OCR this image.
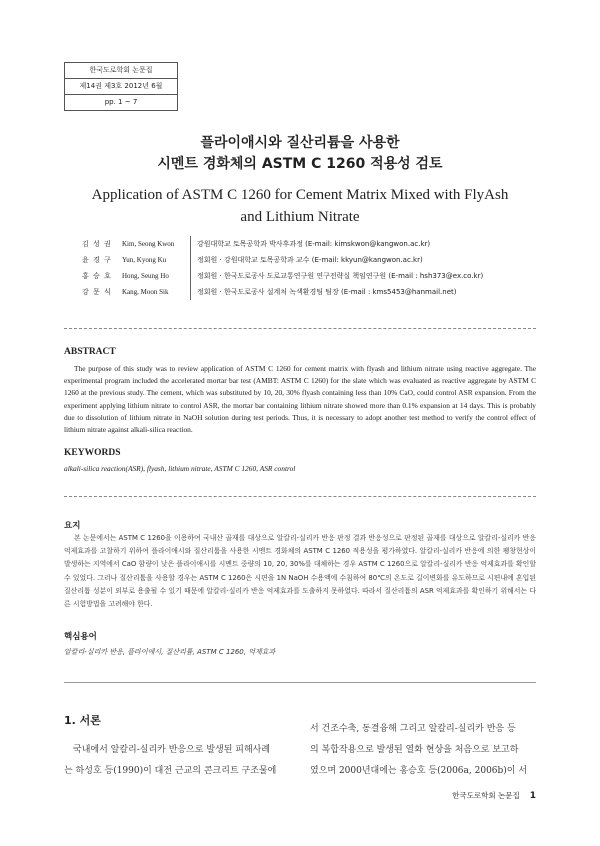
한국도로학회 논문집
제14권 제3호 2012년 6월
pp. 1 ~ 7
플라이애시와 질산리튬을 사용한
시멘트 경화체의 ASTM C 1260 적용성 검토
Application of ASTM C 1260 for Cement Matrix Mixed with FlyAsh
and Lithium Nitrate
김 성 권	Kim, Seong Kwon	강원대학교 토목공학과 박사후과정 (E-mail: kimskwon@kangwon.ac.kr)
윤 경 구	Yun, Kyong Ku	정회원 · 강원대학교 토목공학과 교수 (E-mail: kkyun@kangwon.ac.kr)
홍 승 호	Hong, Seung Ho	정회원 · 한국도로공사 도로교통연구원 연구전략실 책임연구원 (E-mail : hsh373@ex.co.kr)
강 문 식	Kang, Moon Sik	정회원 · 한국도로공사 설계처 녹색환경팀 팀장 (E-mail : kms5453@hanmail.net)
ABSTRACT
The purpose of this study was to review application of ASTM C 1260 for cement matrix with flyash and lithium nitrate using reactive aggregate. The experimental program included the accelerated mortar bar test (AMBT: ASTM C 1260) for the slate which was evaluated as reactive aggregate by ASTM C 1260 at the previous study. The cement, which was substituted by 10, 20, 30% flyash containing less than 10% CaO, could control ASR expansion. From the experiment applying lithium nitrate to control ASR, the mortar bar containing lithium nitrate showed more than 0.1% expansion at 14 days. This is probably due to dissolution of lithium nitrate in NaOH solution during test periods. Thus, it is necessary to adopt another test method to verify the control effect of lithium nitrate against alkali-silica reaction.
KEYWORDS
alkali-silica reaction(ASR), flyash, lithium nitrate, ASTM C 1260, ASR control
요지
본 논문에서는 ASTM C 1260을 이용하여 국내산 골재를 대상으로 알칼리-실리카 반응 판정 결과 반응성으로 판정된 골재를 대상으로 알칼리-실리카 반응 억제효과를 고찰하기 위하여 플라이애시와 질산리튬을 사용한 시멘트 경화체의 ASTM C 1260 적용성을 평가하였다. 알칼리-실리카 반응에 의한 팽창현상이 발생하는 지역에서 CaO 함량이 낮은 플라이애시를 시멘트 중량의 10, 20, 30%를 대체하는 경우 ASTM C 1260으로 알칼리-실리카 반응 억제효과를 확인할 수 있었다. 그러나 질산리튬을 사용할 경우는 ASTM C 1260은 시편을 1N NaOH 수용액에 수침하여 80℃의 온도로 길이변화를 유도하므로 시편내에 혼입된 질산리튬 성분이 외부로 용출될 수 있기 때문에 알칼리-실리카 반응 억제효과를 도출하지 못하였다. 따라서 질산리튬의 ASR 억제효과를 확인하기 위해서는 다른 시험방법을 고려해야 한다.
핵심용어
알칼리-실리카 반응, 플라이애시, 질산리튬, ASTM C 1260, 억제효과
1. 서론
국내에서 알칼리-실리카 반응으로 발생된 피해사례
는 하성호 등(1990)이 대전 근교의 콘크리트 구조물에
서 건조수축, 동결융해 그리고 알칼리-실리카 반응 등
의 복합작용으로 발생된 열화 현상을 처음으로 보고하
였으며 2000년대에는 홍승호 등(2006a, 2006b)이 서
한국도로학회 논문집 1
